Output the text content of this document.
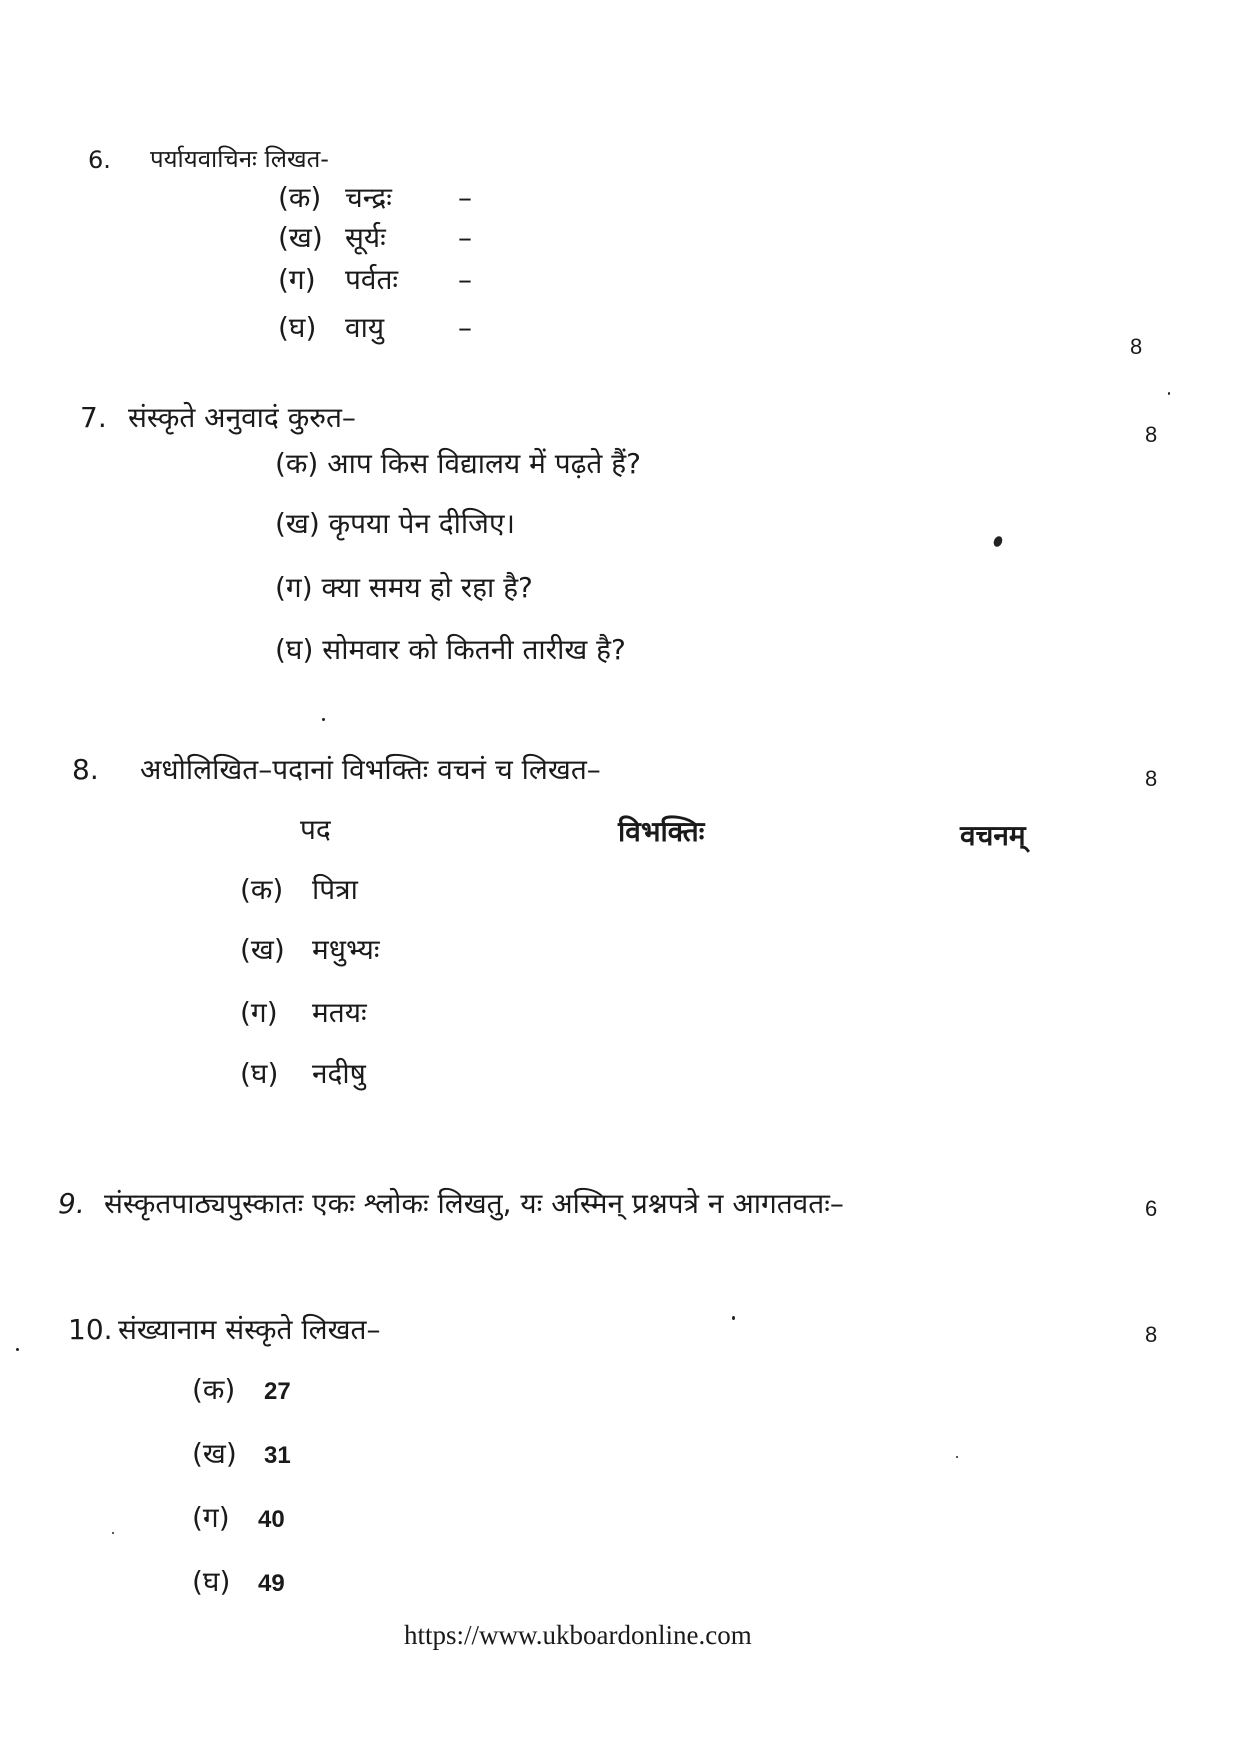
6. पर्यायवाचिनः लिखत-
(क) चन्द्रः –
(ख) सूर्यः	–
(ग) पर्वतः –
(घ) वायु	–
8
7. संस्कृते अनुवादं कुरुत–
8
(क) आप किस विद्यालय में पढ़ते हैं?
(ख) कृपया पेन दीजिए।
(ग) क्या समय हो रहा है?
(घ) सोमवार को कितनी तारीख है?
8. अधोलिखित–पदानां विभक्तिः वचनं च लिखत–	8
पद	विभक्तिः	वचनम्
(क) पित्रा
(ख) मधुभ्यः
(ग) मतयः
(घ) नदीषु
9. संस्कृतपाठ्यपुस्कातः एकः श्लोकः लिखतु, यः अस्मिन् प्रश्नपत्रे न आगतवतः–	6
10. संख्यानाम संस्कृते लिखत–	8
(क) 27
(ख) 31
(ग) 40
(घ) 49
https://www.ukboardonline.com
